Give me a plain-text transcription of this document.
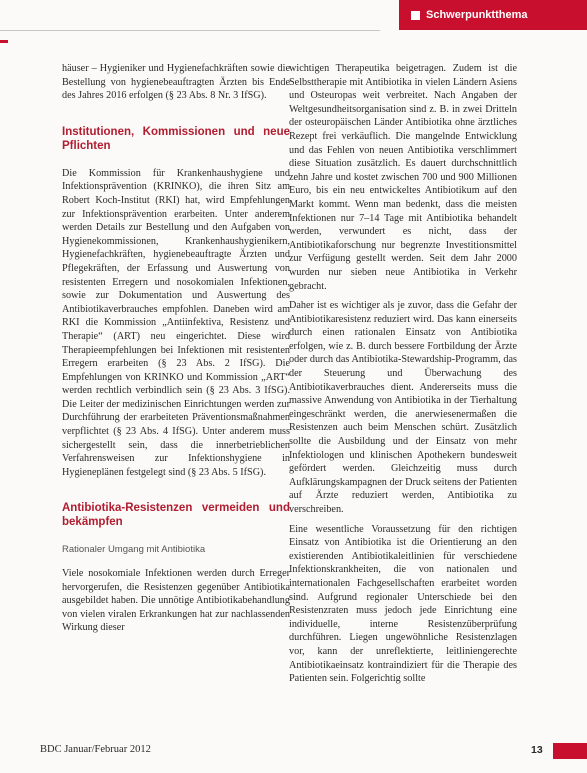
Schwerpunktthema

häuser – Hygieniker und Hygienefachkräften sowie die Bestellung von hygienebeauftragten Ärzten bis Ende des Jahres 2016 erfolgen (§ 23 Abs. 8 Nr. 3 IfSG).

Institutionen, Kommissionen und neue Pflichten

Die Kommission für Krankenhaushygiene und Infektionsprävention (KRINKO), die ihren Sitz am Robert Koch-Institut (RKI) hat, wird Empfehlungen zur Infektionsprävention erarbeiten. Unter anderem werden Details zur Bestellung und den Aufgaben von Hygienekommissionen, Krankenhaushygienikern, Hygienefachkräften, hygienebeauftragte Ärzten und Pflegekräften, der Erfassung und Auswertung von resistenten Erregern und nosokomialen Infektionen, sowie zur Dokumentation und Auswertung des Antibiotikaverbrauches empfohlen. Daneben wird am RKI die Kommission „Antiinfektiva, Resistenz und Therapie“ (ART) neu eingerichtet. Diese wird Therapieempfehlungen bei Infektionen mit resistenten Erregern erarbeiten (§ 23 Abs. 2 IfSG). Die Empfehlungen von KRINKO und Kommission „ART“ werden rechtlich verbindlich sein (§ 23 Abs. 3 IfSG). Die Leiter der medizinischen Einrichtungen werden zur Durchführung der erarbeiteten Präventionsmaßnahmen verpflichtet (§ 23 Abs. 4 IfSG). Unter anderem muss sichergestellt sein, dass die innerbetrieblichen Verfahrensweisen zur Infektionshygiene in Hygieneplänen festgelegt sind (§ 23 Abs. 5 IfSG).

Antibiotika-Resistenzen vermeiden und bekämpfen
Rationaler Umgang mit Antibiotika

Viele nosokomiale Infektionen werden durch Erreger hervorgerufen, die Resistenzen gegenüber Antibiotika ausgebildet haben. Die unnötige Antibiotikabehandlung von vielen viralen Erkrankungen hat zur nachlassenden Wirkung dieser

wichtigen Therapeutika beigetragen. Zudem ist die Selbsttherapie mit Antibiotika in vielen Ländern Asiens und Osteuropas weit verbreitet. Nach Angaben der Weltgesundheitsorganisation sind z. B. in zwei Dritteln der osteuropäischen Länder Antibiotika ohne ärztliches Rezept frei verkäuflich. Die mangelnde Entwicklung und das Fehlen von neuen Antibiotika verschlimmert diese Situation zusätzlich. Es dauert durchschnittlich zehn Jahre und kostet zwischen 700 und 900 Millionen Euro, bis ein neu entwickeltes Antibiotikum auf den Markt kommt. Wenn man bedenkt, dass die meisten Infektionen nur 7–14 Tage mit Antibiotika behandelt werden, verwundert es nicht, dass der Antibiotikaforschung nur begrenzte Investitionsmittel zur Verfügung gestellt werden. Seit dem Jahr 2000 wurden nur sieben neue Antibiotika in Verkehr gebracht.

Daher ist es wichtiger als je zuvor, dass die Gefahr der Antibiotikaresistenz reduziert wird. Das kann einerseits durch einen rationalen Einsatz von Antibiotika erfolgen, wie z. B. durch bessere Fortbildung der Ärzte oder durch das Antibiotika-Stewardship-Programm, das der Steuerung und Überwachung des Antibiotikaverbrauches dient. Andererseits muss die massive Anwendung von Antibiotika in der Tierhaltung eingeschränkt werden, die anerwiesenermaßen die Resistenzen auch beim Menschen schürt. Zusätzlich sollte die Ausbildung und der Einsatz von mehr Infektiologen und klinischen Apothekern bundesweit gefördert werden. Gleichzeitig muss durch Aufklärungskampagnen der Druck seitens der Patienten auf Ärzte reduziert werden, Antibiotika zu verschreiben.

Eine wesentliche Voraussetzung für den richtigen Einsatz von Antibiotika ist die Orientierung an den existierenden Antibiotikaleitlinien für verschiedene Infektionskrankheiten, die von nationalen und internationalen Fachgesellschaften erarbeitet worden sind. Aufgrund regionaler Unterschiede bei den Resistenzraten muss jedoch jede Einrichtung eine individuelle, interne Resistenzüberprüfung durchführen. Liegen ungewöhnliche Resistenzlagen vor, kann der unreflektierte, leitliniengerechte Antibiotikaeinsatz kontraindiziert für die Therapie des Patienten sein. Folgerichtig sollte

BDC Januar/Februar 2012	13
